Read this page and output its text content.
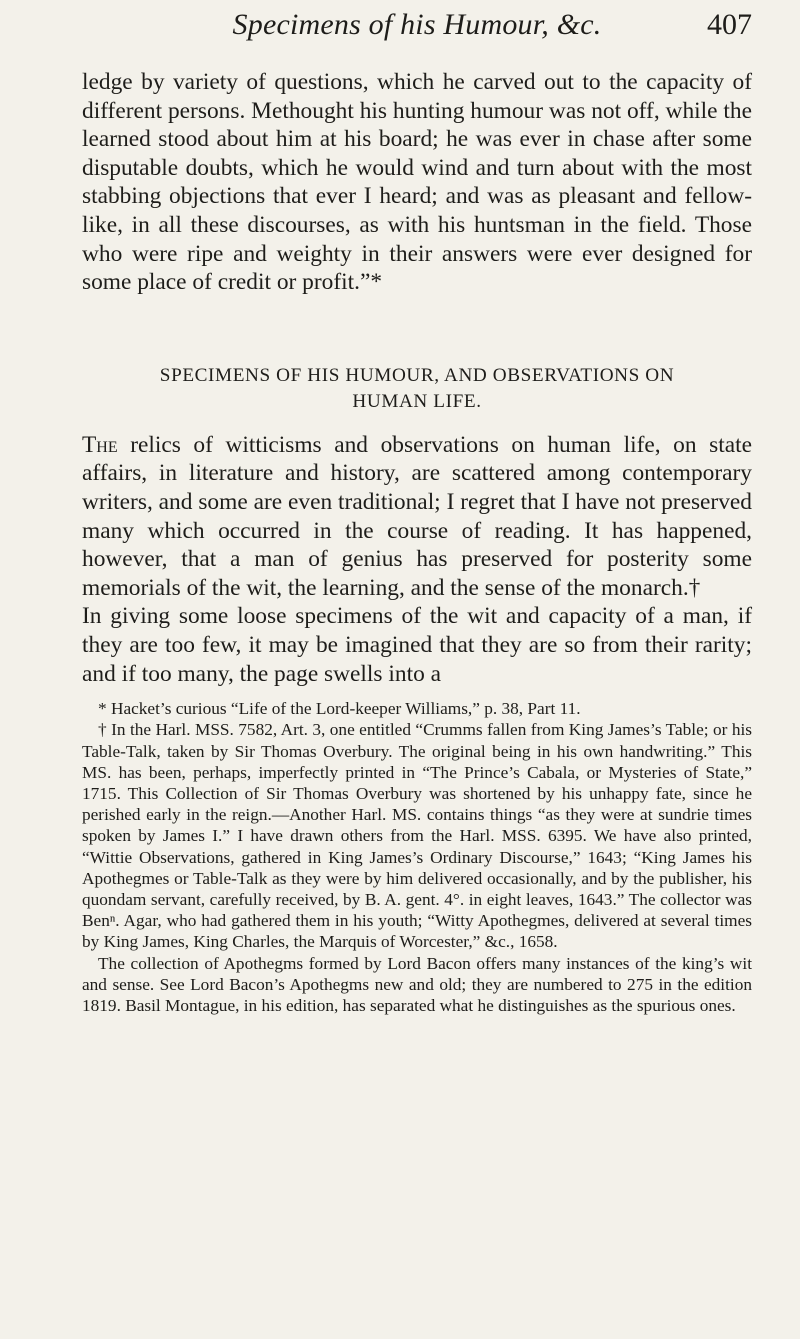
Specimens of his Humour, &c.	407

ledge by variety of questions, which he carved out to the capacity of different persons. Methought his hunting humour was not off, while the learned stood about him at his board; he was ever in chase after some disputable doubts, which he would wind and turn about with the most stabbing objections that ever I heard; and was as pleasant and fellow-like, in all these discourses, as with his huntsman in the field. Those who were ripe and weighty in their answers were ever designed for some place of credit or profit.”*

SPECIMENS OF HIS HUMOUR, AND OBSERVATIONS ON
HUMAN LIFE.

The relics of witticisms and observations on human life, on state affairs, in literature and history, are scattered among contemporary writers, and some are even traditional; I regret that I have not preserved many which occurred in the course of reading. It has happened, however, that a man of genius has preserved for posterity some memorials of the wit, the learning, and the sense of the monarch.†

In giving some loose specimens of the wit and capacity of a man, if they are too few, it may be imagined that they are so from their rarity; and if too many, the page swells into a

* Hacket’s curious “Life of the Lord-keeper Williams,” p. 38, Part 11.

† In the Harl. MSS. 7582, Art. 3, one entitled “Crumms fallen from King James’s Table; or his Table-Talk, taken by Sir Thomas Overbury. The original being in his own handwriting.” This MS. has been, perhaps, imperfectly printed in “The Prince’s Cabala, or Mysteries of State,” 1715. This Collection of Sir Thomas Overbury was shortened by his unhappy fate, since he perished early in the reign.—Another Harl. MS. contains things “as they were at sundrie times spoken by James I.” I have drawn others from the Harl. MSS. 6395. We have also printed, “Wittie Observations, gathered in King James’s Ordinary Discourse,” 1643; “King James his Apothegmes or Table-Talk as they were by him delivered occasionally, and by the publisher, his quondam servant, carefully received, by B. A. gent. 4°. in eight leaves, 1643.” The collector was Benⁿ. Agar, who had gathered them in his youth; “Witty Apothegmes, delivered at several times by King James, King Charles, the Marquis of Worcester,” &c., 1658.

The collection of Apothegms formed by Lord Bacon offers many instances of the king’s wit and sense. See Lord Bacon’s Apothegms new and old; they are numbered to 275 in the edition 1819. Basil Montague, in his edition, has separated what he distinguishes as the spurious ones.
